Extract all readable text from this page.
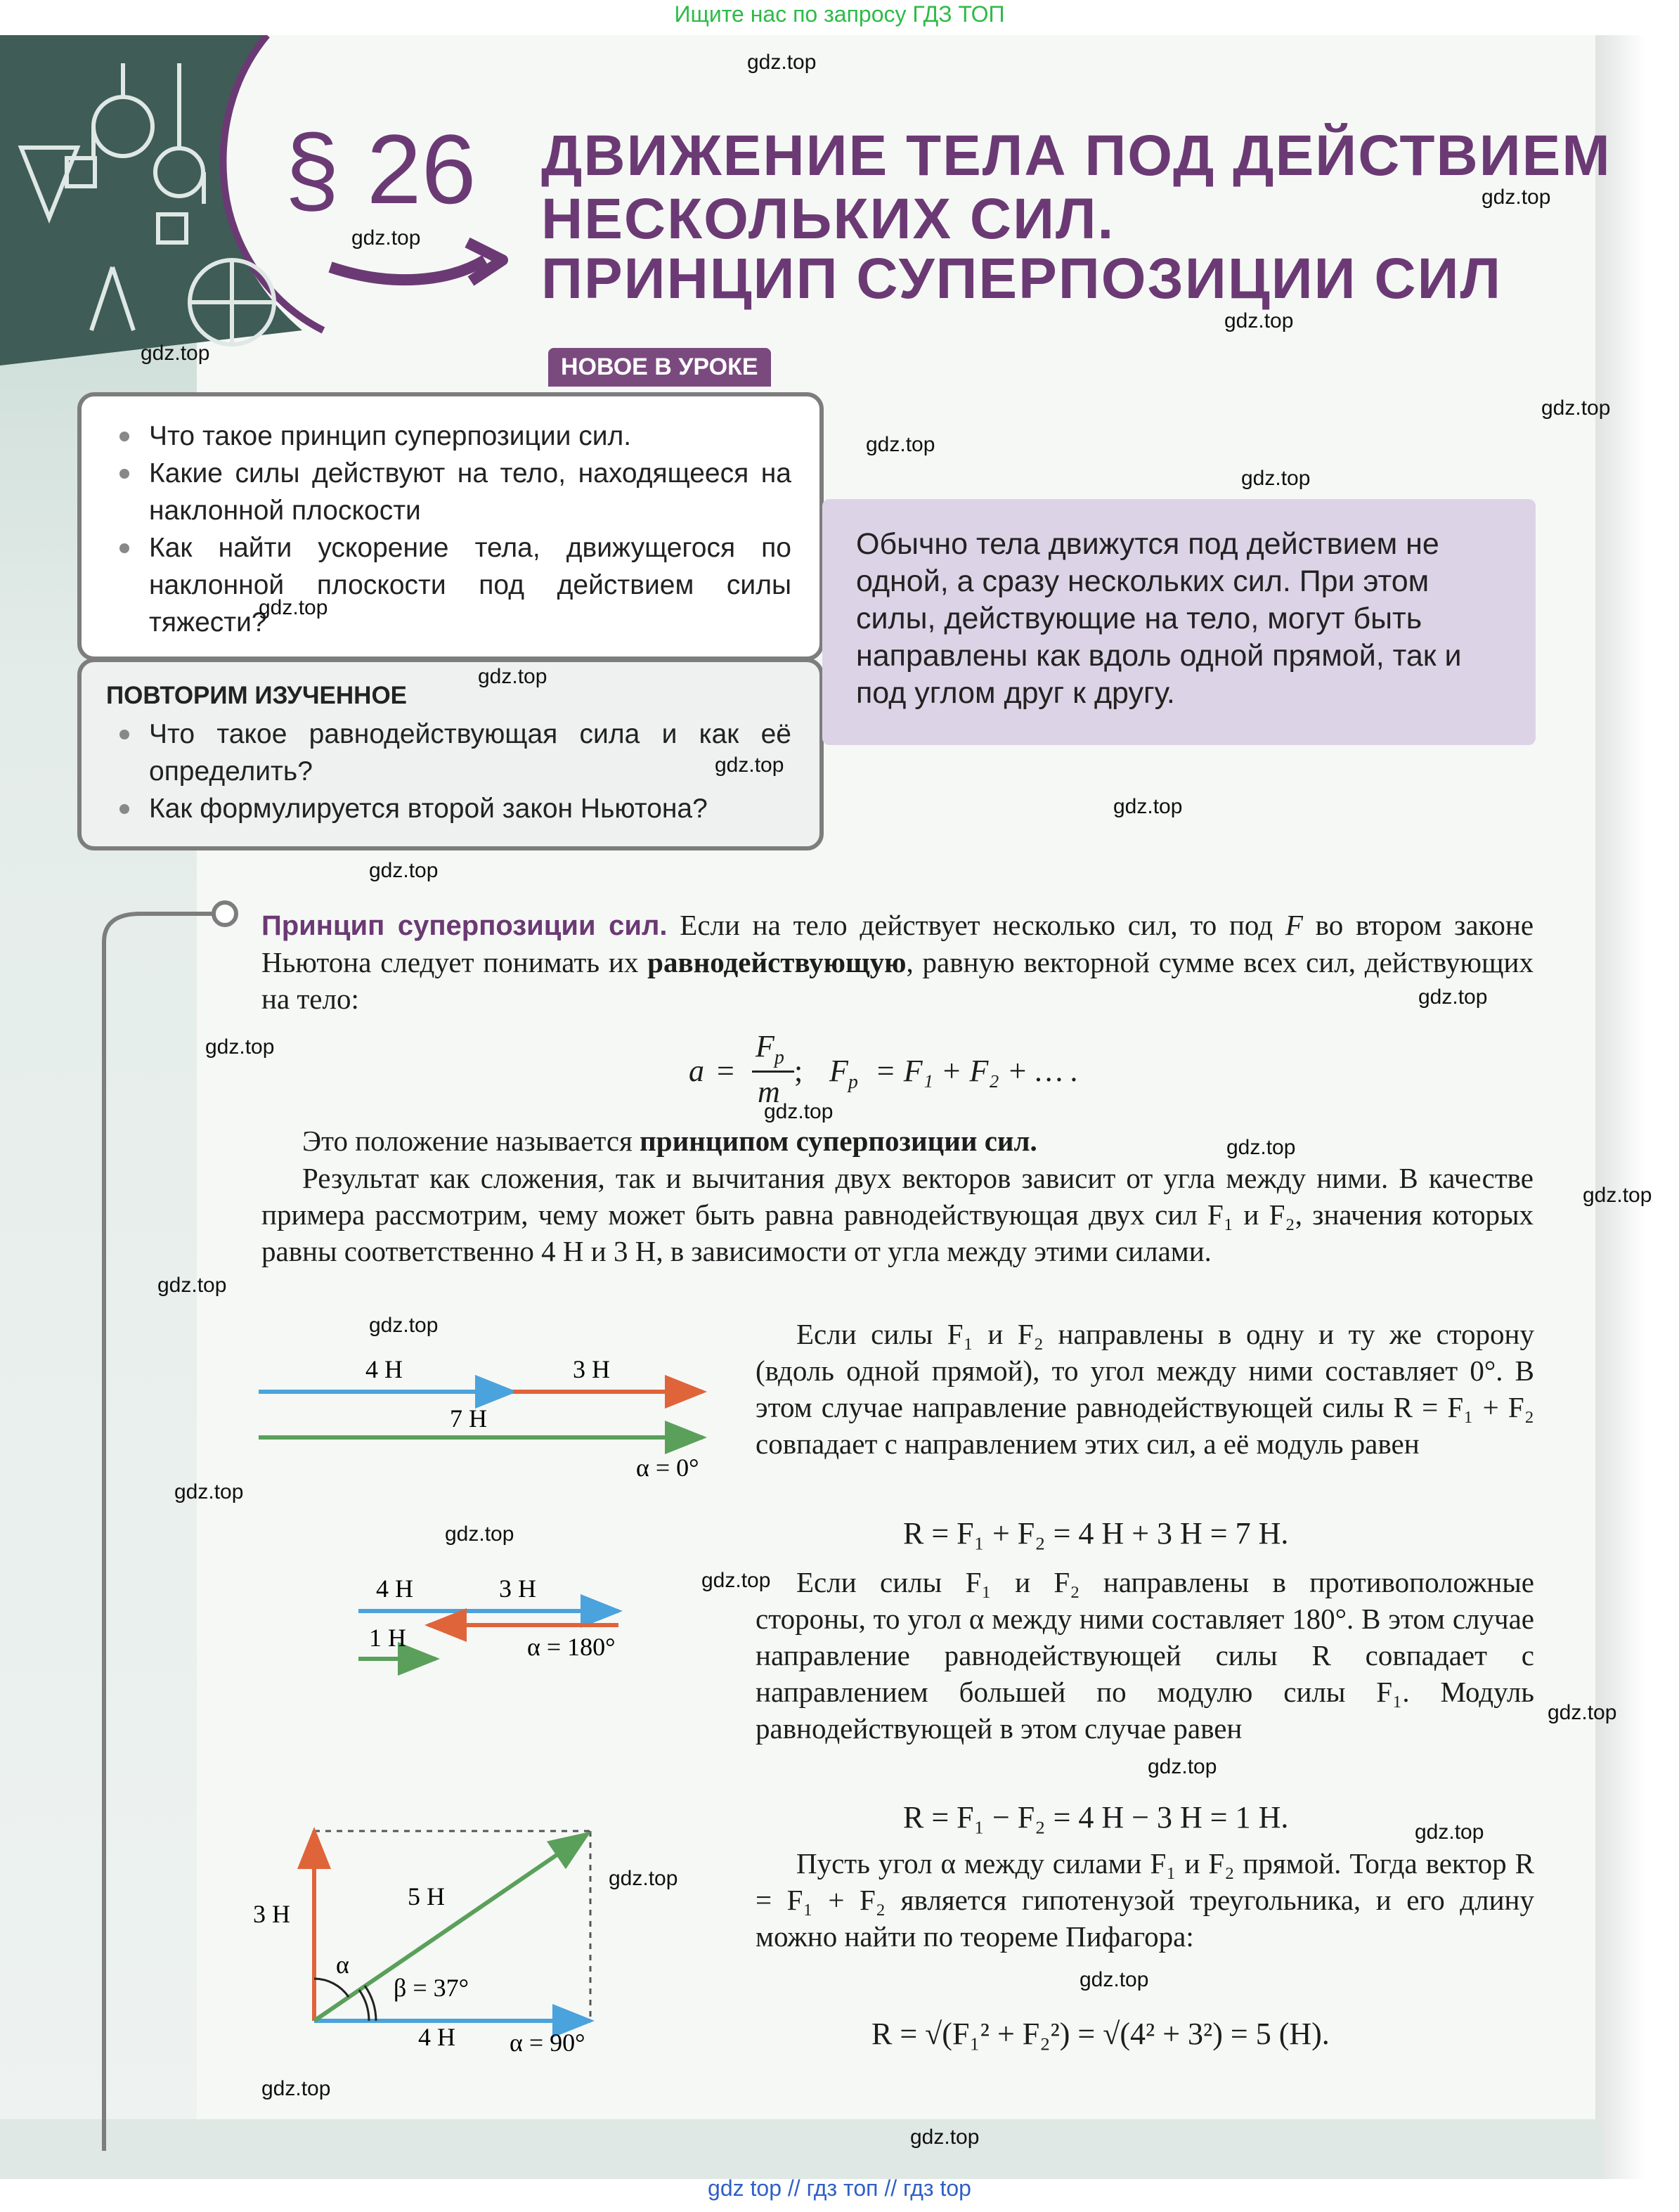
Ищите нас по запросу ГДЗ ТОП
§ 26 ДВИЖЕНИЕ ТЕЛА ПОД ДЕЙСТВИЕМ
НЕСКОЛЬКИХ СИЛ.
ПРИНЦИП СУПЕРПОЗИЦИИ СИЛ
НОВОЕ В УРОКЕ
Что такое принцип суперпозиции сил.
Какие силы действуют на тело, находящееся на наклонной плоскости
Как найти ускорение тела, движущегося по наклонной плоскости под действием силы тяжести?
ПОВТОРИМ ИЗУЧЕННОЕ
Что такое равнодействующая сила и как её определить?
Как формулируется второй закон Ньютона?
Обычно тела движутся под действием не одной, а сразу нескольких сил. При этом силы, действующие на тело, могут быть направлены как вдоль одной прямой, так и под углом друг к другу.
Принцип суперпозиции сил. Если на тело действует несколько сил, то под F во втором законе Ньютона следует понимать их равнодействующую, равную векторной сумме всех сил, действующих на тело:
a =
$F_р$
m
; $F_р = F_1 + F_2$ + … .
Это положение называется принципом суперпозиции сил.
Результат как сложения, так и вычитания двух векторов зависит от угла между ними. В качестве примера рассмотрим, чему может быть равна равнодействующая двух сил F₁ и F₂, значения которых равны соответственно 4 Н и 3 Н, в зависимости от угла между этими силами.
Если силы F₁ и F₂ направлены в одну и ту же сторону (вдоль одной прямой), то угол между ними составляет 0°. В этом случае направление равнодействующей силы R = F₁ + F₂ совпадает с направлением этих сил, а её модуль равен
R = F₁ + F₂ = 4 Н + 3 Н = 7 Н.
Если силы F₁ и F₂ направлены в противоположные стороны, то угол α между ними составляет 180°. В этом случае направление равнодействующей силы R совпадает с направлением большей по модулю силы F₁. Модуль равнодействующей в этом случае равен
R = F₁ − F₂ = 4 Н − 3 Н = 1 Н.
Пусть угол α между силами F₁ и F₂ прямой. Тогда вектор R = F₁ + F₂ является гипотенузой треугольника, и его длину можно найти по теореме Пифагора:
R = √(F₁² + F₂²) = √(4² + 3²) = 5 (Н).
4 Н	3 Н
7 Н
α = 0°
4 Н	3 Н
1 Н	α = 180°
3 Н
5 Н
α
β = 37°
4 Н α = 90°
gdz.top
gdz.top
gdz.top
gdz.top
gdz.top
gdz.top
gdz.top
gdz.top
gdz.top
gdz.top
gdz.top
gdz.top
gdz.top
gdz.top
gdz.top
gdz.top
gdz.top
gdz.top
gdz.top
gdz.top
gdz.top
gdz.top
gdz.top
gdz.top
gdz.top
gdz.top
gdz.top
gdz.top
gdz.top
gdz.top
gdz top // гдз топ // гдз top
